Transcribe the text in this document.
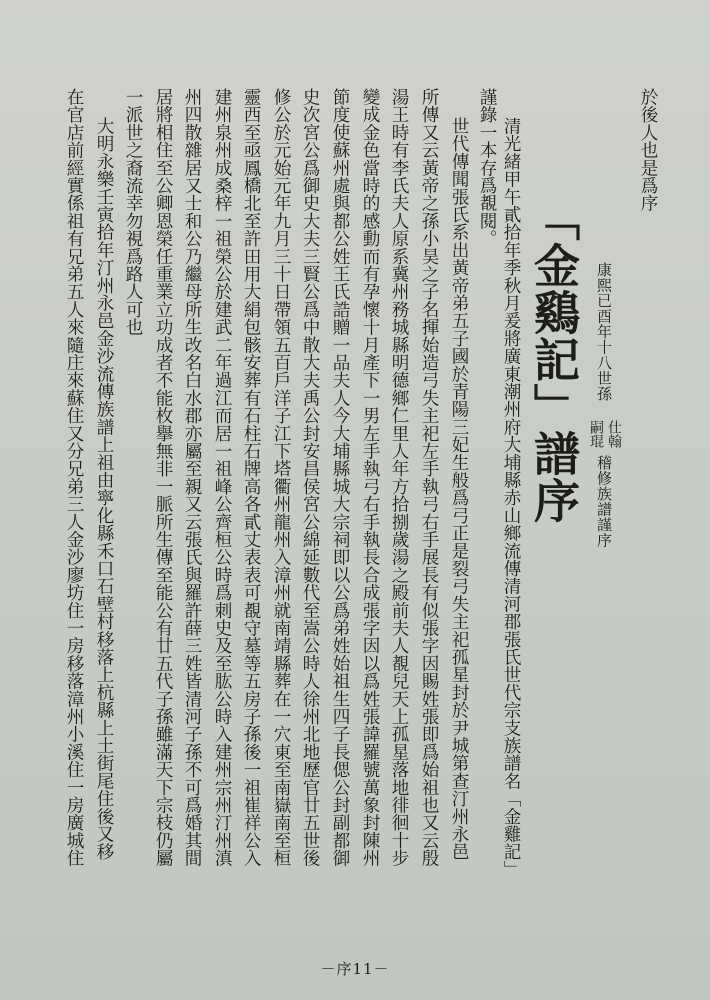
於後人也是爲序
康熙已酉年十八世孫
仕翰
嗣琨
稽修族譜謹序
「金鷄記」譜序
清光緒甲午貳拾年季秋月爰將廣東潮州府大埔縣赤山鄉流傳清河郡張氏世代宗支族譜名「金雞記」
謹錄一本存爲覩閱。
世代傳聞張氏系出黃帝弟五子國於青陽三妃生般爲弓正是裂弓失主祀孤星封於尹城第查汀州永邑
所傳又云黃帝之孫小昊之子名揮始造弓失主祀左手執弓右手展長有似張字因賜姓張即爲始祖也又云殷
湯王時有李氏夫人原系冀州務城縣明德鄉仁里人年方拾捌歲湯之殿前夫人覩兒天上孤星落地徘徊十步
變成金色當時的感動而有孕懷十月產下一男左手執弓右手執長合成張字因以爲姓張諱羅號萬象封陳州
節度使蘇州處與都公姓王氏誥贈一品夫人今大埔縣城大宗祠即以公爲弟姓始祖生四子長偲公封副都御
史次宮公爲御史大夫三賢公爲中散大夫禹公封安昌侯宮公綿延數代至嵩公時人徐州北地歷官廿五世後
修公於元始元年九月三十日帶領五百戶洋子江下塔衢州龍州入漳州就南靖縣葬在一穴東至南嶽南至桓
靈西至亟鳳橋北至許田用大絹包骸安葬有石柱石牌高各貳丈表表可覩守墓等五房子孫後一祖崔祥公入
建州泉州成桑梓一祖榮公於建武二年過江而居一祖峰公齊桓公時爲刺史及至肱公時入建州宗州汀州滇
州四散雜居又士和公乃繼母所生改名白水郡亦屬至親又云張氏與羅許薛三姓皆清河子孫不可爲婚其間
居將相住至公卿恩榮任重業立功成者不能枚擧無非一脈所生傳至能公有廿五代子孫雖滿天下宗枝仍屬
一派世之裔流幸勿視爲路人可也
大明永樂壬寅拾年汀州永邑金沙流傳族譜上祖由寧化縣禾口石壁村移落上杭縣上土街尾住後又移
在官店前經實係祖有兄弟五人來隨庄來蘇住又分兄弟三人金沙廖坊住一房移落漳州小溪住一房廣城住
－序11－
